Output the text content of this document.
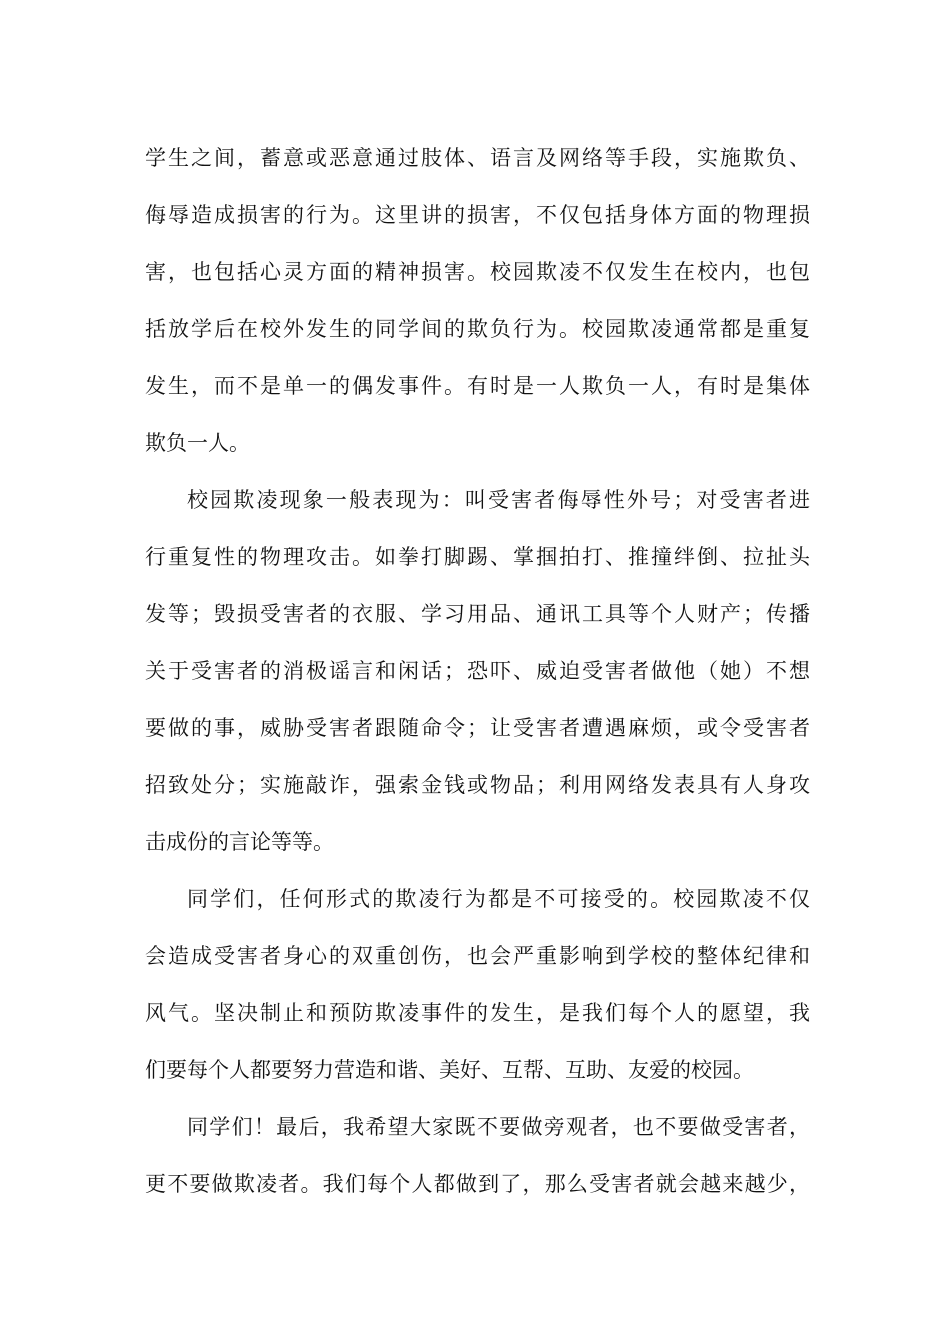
学生之间，蓄意或恶意通过肢体、语言及网络等手段，实施欺负、
侮辱造成损害的行为。这里讲的损害，不仅包括身体方面的物理损
害，也包括心灵方面的精神损害。校园欺凌不仅发生在校内，也包
括放学后在校外发生的同学间的欺负行为。校园欺凌通常都是重复
发生，而不是单一的偶发事件。有时是一人欺负一人，有时是集体
欺负一人。
校园欺凌现象一般表现为：叫受害者侮辱性外号；对受害者进
行重复性的物理攻击。如拳打脚踢、掌掴拍打、推撞绊倒、拉扯头
发等；毁损受害者的衣服、学习用品、通讯工具等个人财产；传播
关于受害者的消极谣言和闲话；恐吓、威迫受害者做他（她）不想
要做的事，威胁受害者跟随命令；让受害者遭遇麻烦，或令受害者
招致处分；实施敲诈，强索金钱或物品；利用网络发表具有人身攻
击成份的言论等等。
同学们，任何形式的欺凌行为都是不可接受的。校园欺凌不仅
会造成受害者身心的双重创伤，也会严重影响到学校的整体纪律和
风气。坚决制止和预防欺凌事件的发生，是我们每个人的愿望，我
们要每个人都要努力营造和谐、美好、互帮、互助、友爱的校园。
同学们！最后，我希望大家既不要做旁观者，也不要做受害者，
更不要做欺凌者。我们每个人都做到了，那么受害者就会越来越少，
